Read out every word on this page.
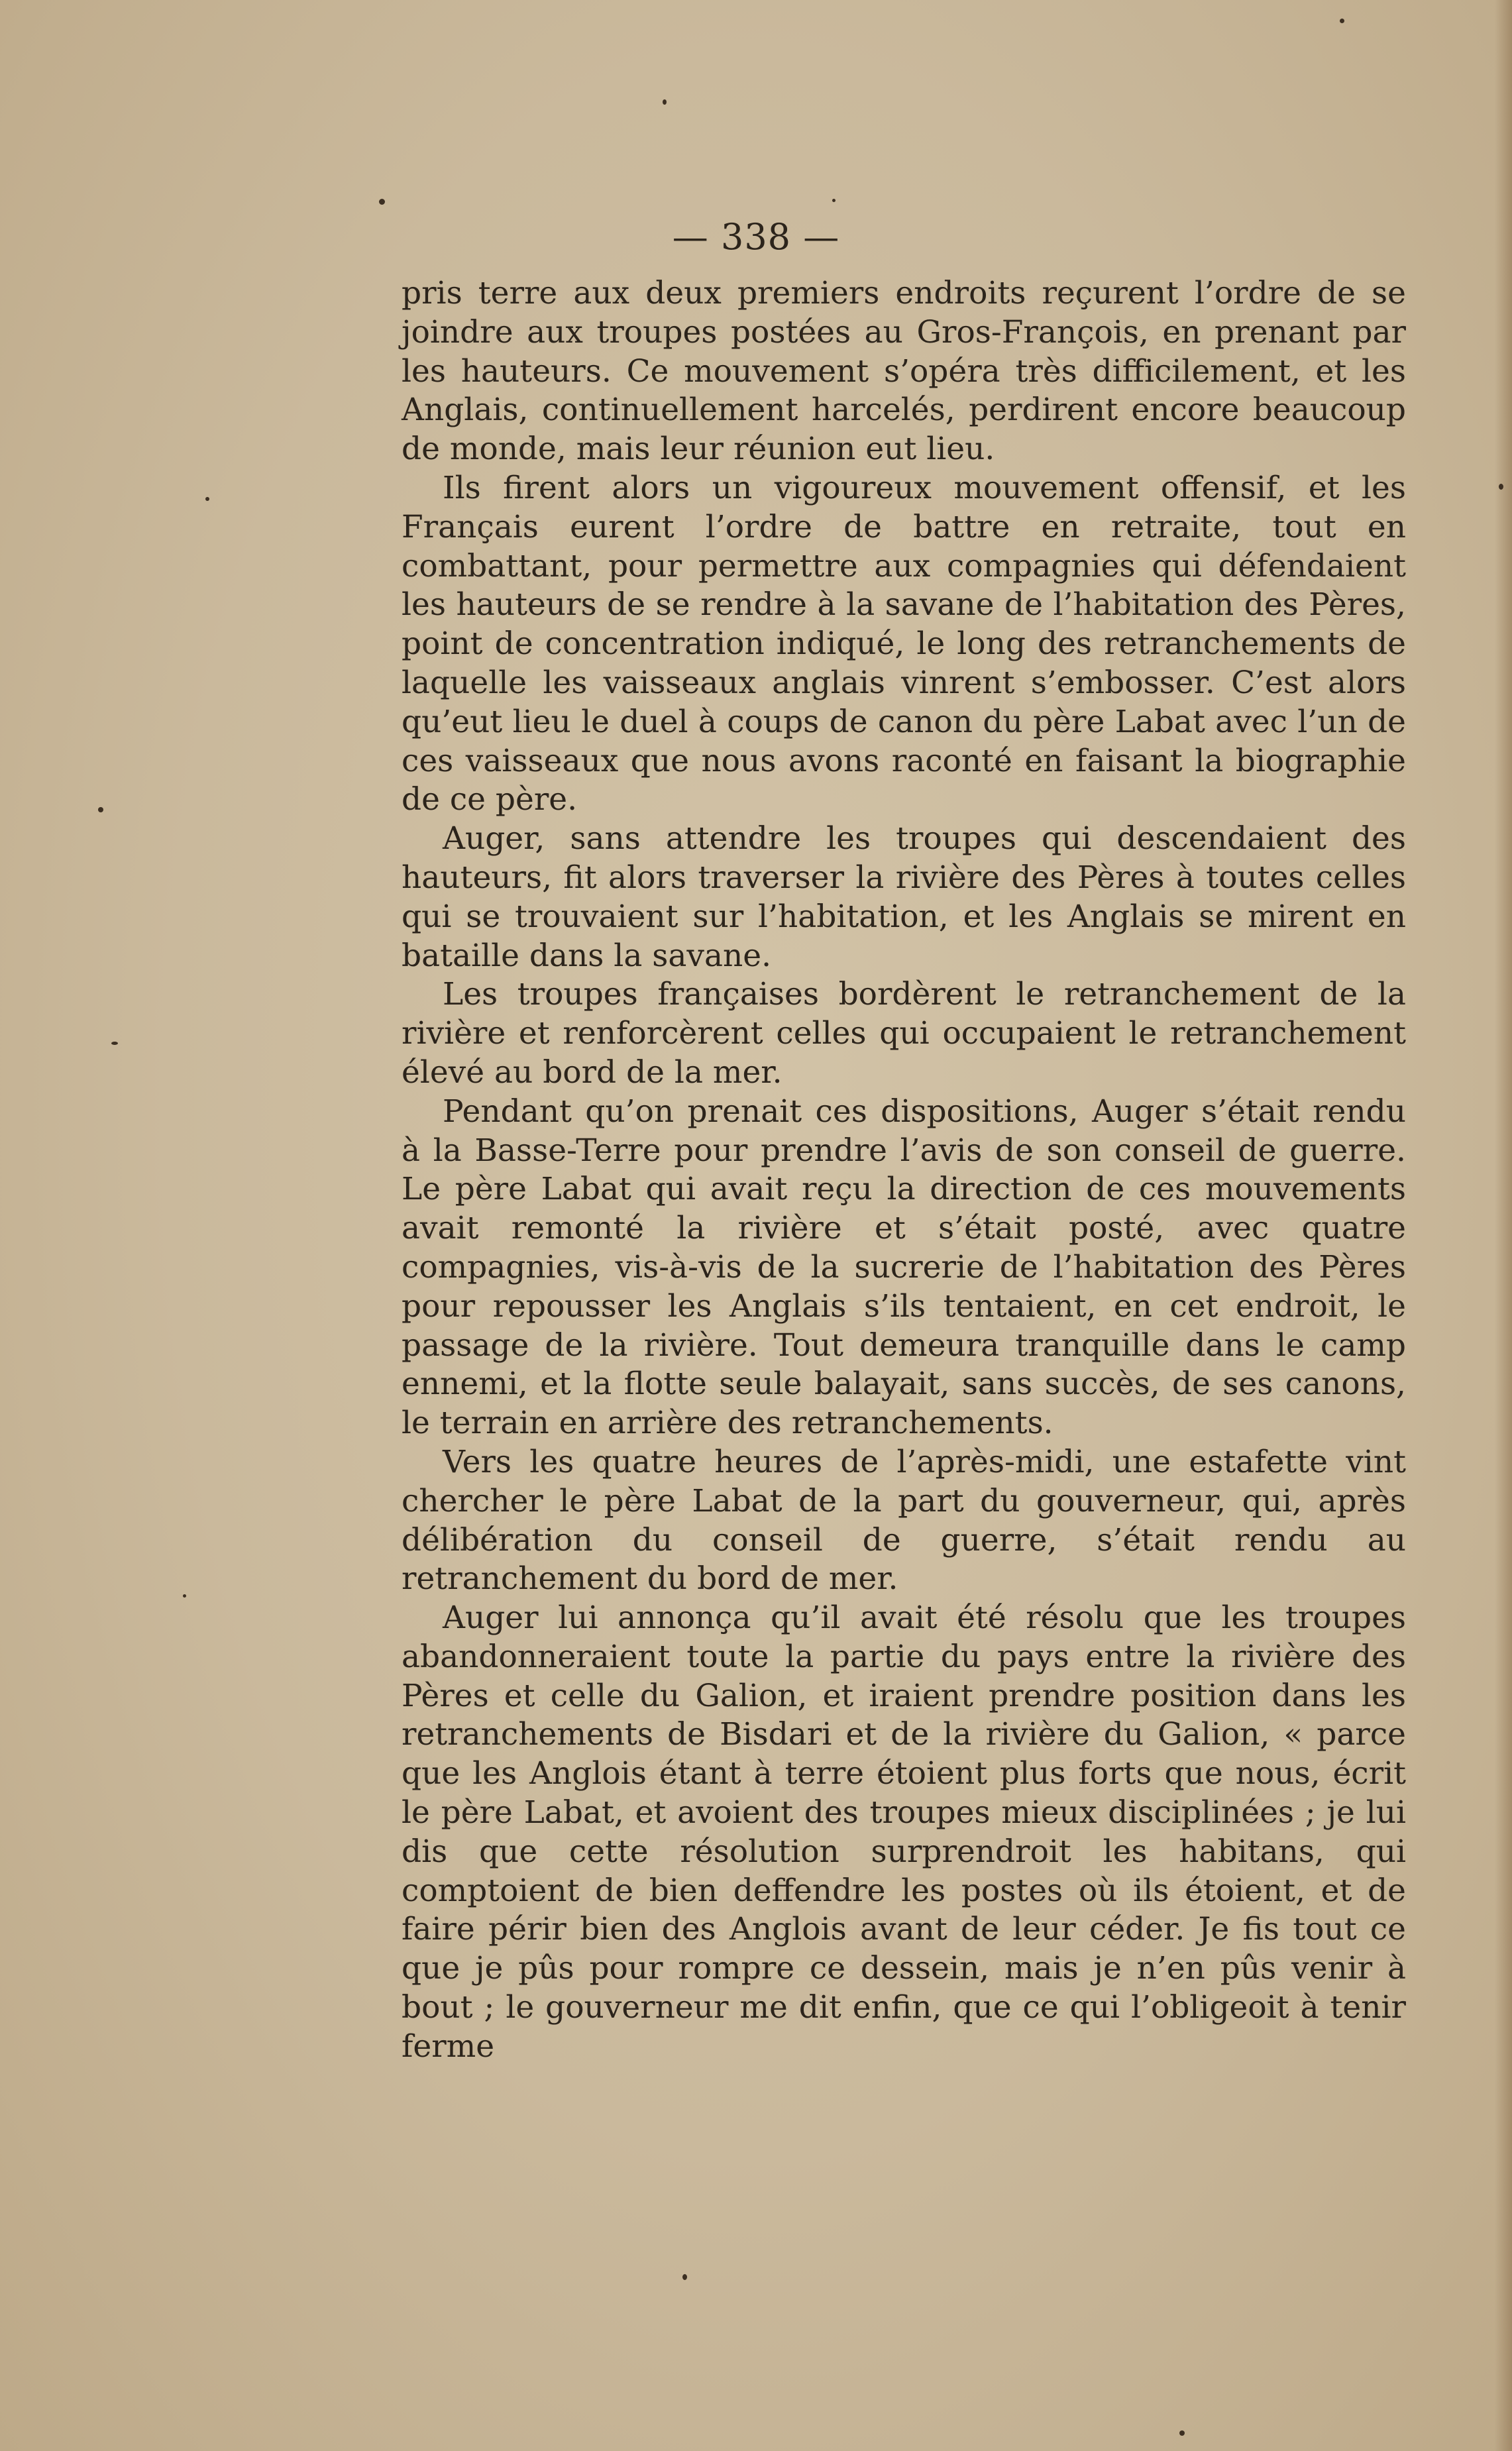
— 338 —

pris terre aux deux premiers endroits reçurent l’ordre de se joindre aux troupes postées au Gros-François, en prenant par les hauteurs. Ce mouvement s’opéra très difficilement, et les Anglais, continuellement harcelés, perdirent encore beaucoup de monde, mais leur réunion eut lieu.

Ils firent alors un vigoureux mouvement offensif, et les Français eurent l’ordre de battre en retraite, tout en combattant, pour permettre aux compagnies qui défendaient les hauteurs de se rendre à la savane de l’habitation des Pères, point de concentration indiqué, le long des retranchements de laquelle les vaisseaux anglais vinrent s’embosser. C’est alors qu’eut lieu le duel à coups de canon du père Labat avec l’un de ces vaisseaux que nous avons raconté en faisant la biographie de ce père.

Auger, sans attendre les troupes qui descendaient des hauteurs, fit alors traverser la rivière des Pères à toutes celles qui se trouvaient sur l’habitation, et les Anglais se mirent en bataille dans la savane.

Les troupes françaises bordèrent le retranchement de la rivière et renforcèrent celles qui occupaient le retranchement élevé au bord de la mer.

Pendant qu’on prenait ces dispositions, Auger s’était rendu à la Basse-Terre pour prendre l’avis de son conseil de guerre. Le père Labat qui avait reçu la direction de ces mouvements avait remonté la rivière et s’était posté, avec quatre compagnies, vis-à-vis de la sucrerie de l’habitation des Pères pour repousser les Anglais s’ils tentaient, en cet endroit, le passage de la rivière. Tout demeura tranquille dans le camp ennemi, et la flotte seule balayait, sans succès, de ses canons, le terrain en arrière des retranchements.

Vers les quatre heures de l’après-midi, une estafette vint chercher le père Labat de la part du gouverneur, qui, après délibération du conseil de guerre, s’était rendu au retranchement du bord de mer.

Auger lui annonça qu’il avait été résolu que les troupes abandonneraient toute la partie du pays entre la rivière des Pères et celle du Galion, et iraient prendre position dans les retranchements de Bisdari et de la rivière du Galion, « parce que les Anglois étant à terre étoient plus forts que nous, écrit le père Labat, et avoient des troupes mieux disciplinées ; je lui dis que cette résolution surprendroit les habitans, qui comptoient de bien deffendre les postes où ils étoient, et de faire périr bien des Anglois avant de leur céder. Je fis tout ce que je pûs pour rompre ce dessein, mais je n’en pûs venir à bout ; le gouverneur me dit enfin, que ce qui l’obligeoit à tenir ferme
